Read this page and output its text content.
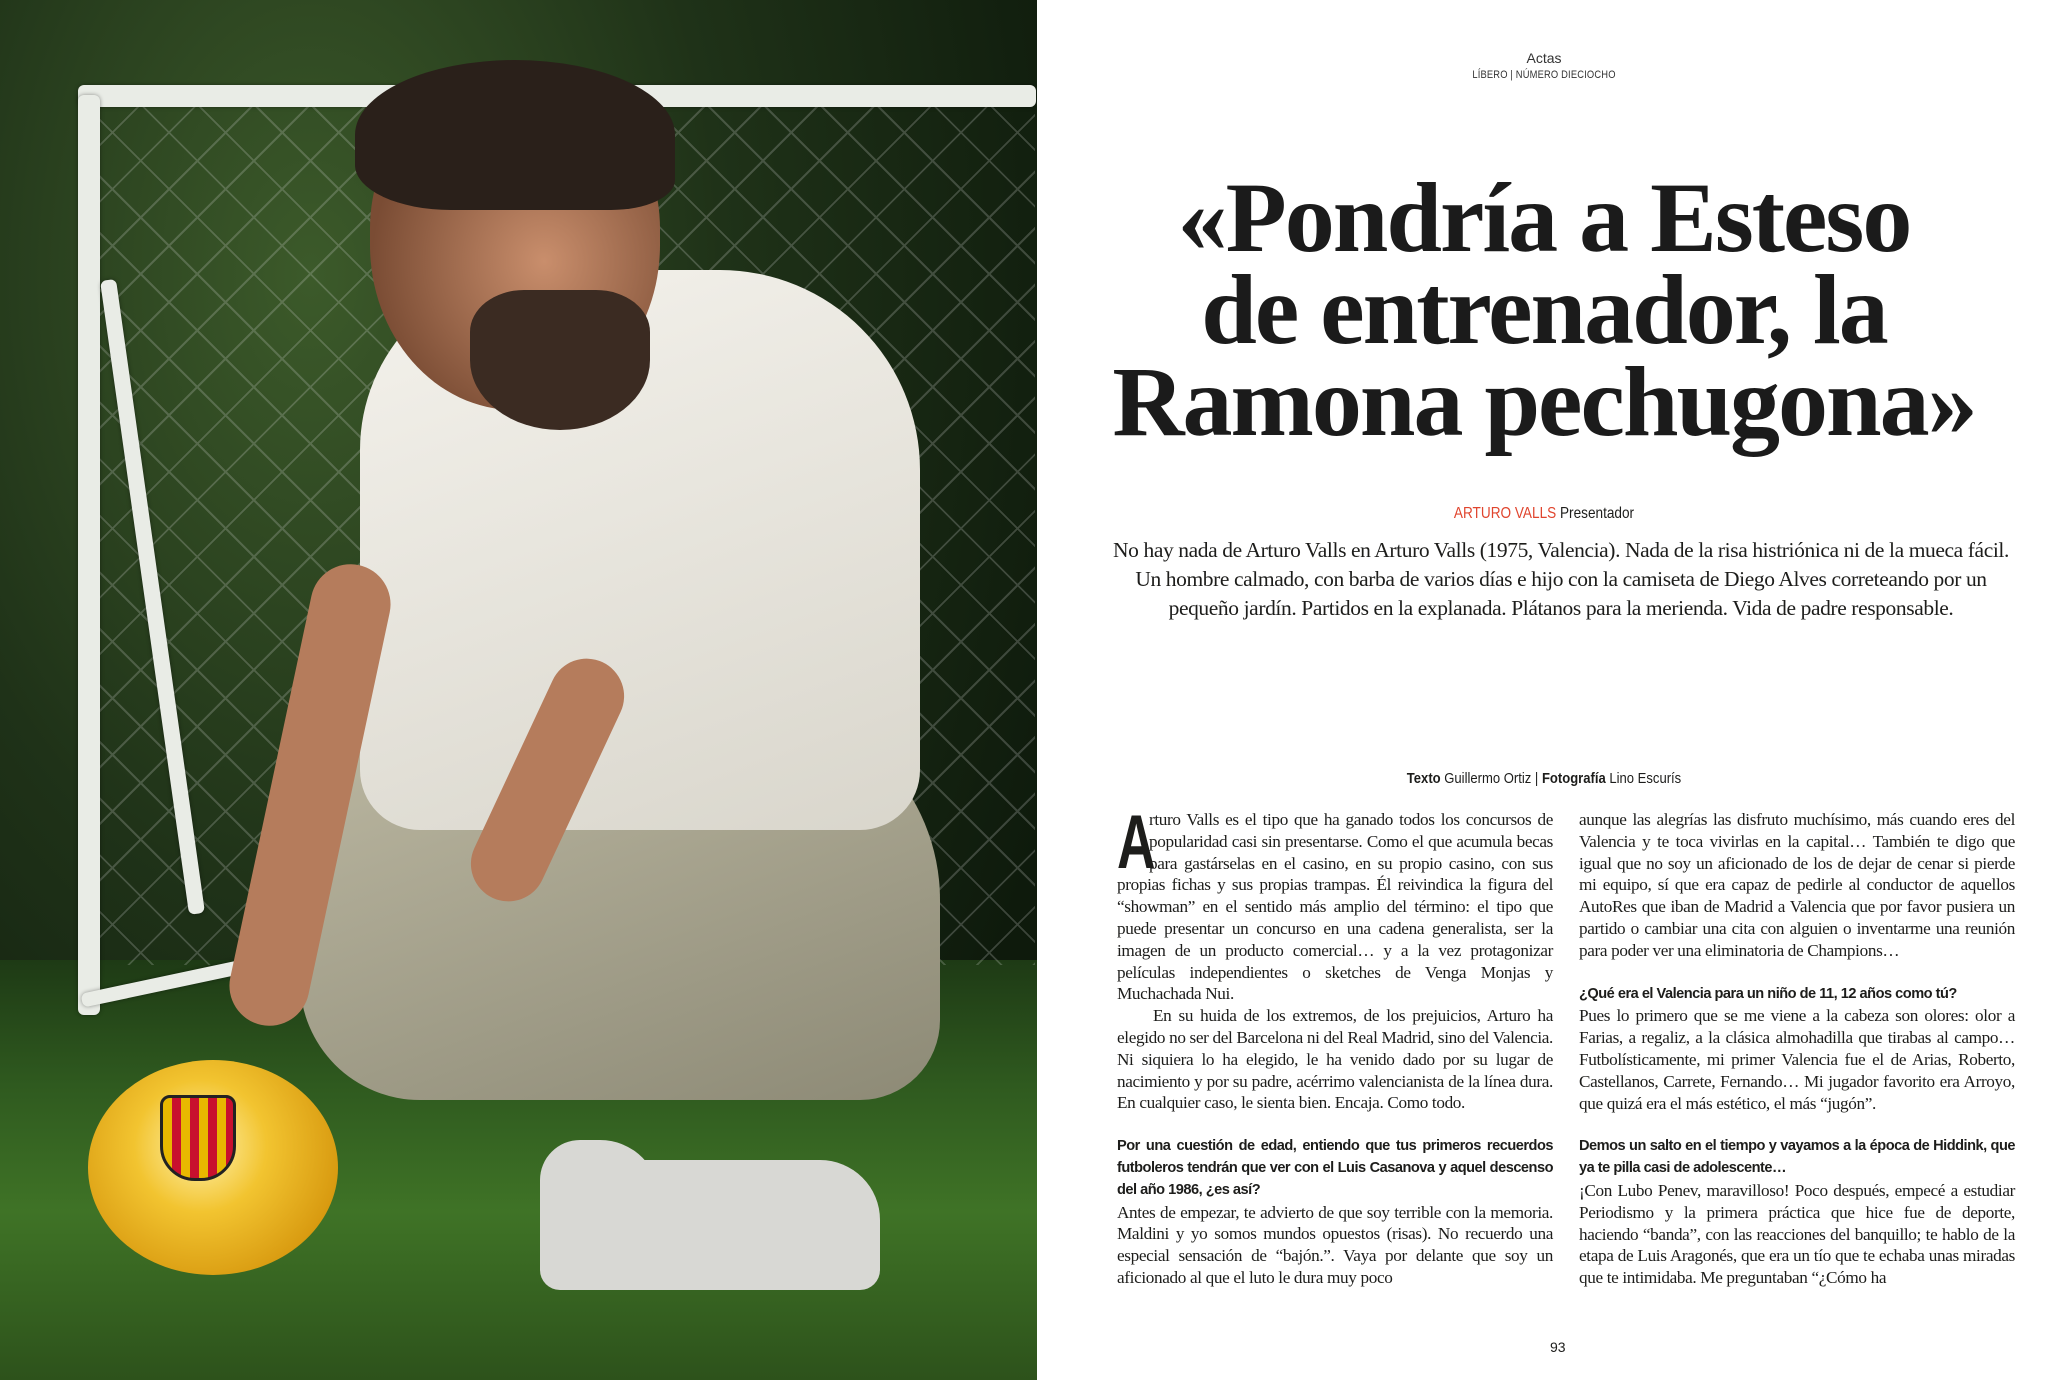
Actas
LÍBERO | NÚMERO DIECIOCHO
«Pondría a Esteso
de entrenador, la
Ramona pechugona»
ARTURO VALLS Presentador
No hay nada de Arturo Valls en Arturo Valls (1975, Valencia). Nada de la risa histriónica ni de la mueca fácil. Un hombre calmado, con barba de varios días e hijo con la camiseta de Diego Alves correteando por un pequeño jardín. Partidos en la explanada. Plátanos para la merienda. Vida de padre responsable.
Texto Guillermo Ortiz | Fotografía Lino Escurís

A
rturo Valls es el tipo que ha ganado todos los concursos de popularidad casi sin presentarse. Como el que acumula becas para gastárselas en el casino, en su propio casino, con sus propias fichas y sus propias trampas. Él reivindica la figura del “showman” en el sentido más amplio del término: el tipo que puede presentar un concurso en una cadena generalista, ser la imagen de un producto comercial… y a la vez protagonizar películas independientes o sketches de Venga Monjas y Muchachada Nui.

En su huida de los extremos, de los prejuicios, Arturo ha elegido no ser del Barcelona ni del Real Madrid, sino del Valencia. Ni siquiera lo ha elegido, le ha venido dado por su lugar de nacimiento y por su padre, acérrimo valencianista de la línea dura. En cualquier caso, le sienta bien. Encaja. Como todo.

Por una cuestión de edad, entiendo que tus primeros recuerdos futboleros tendrán que ver con el Luis Casanova y aquel descenso del año 1986, ¿es así?

Antes de empezar, te advierto de que soy terrible con la memoria. Maldini y yo somos mundos opuestos (risas). No recuerdo una especial sensación de “bajón.”. Vaya por delante que soy un aficionado al que el luto le dura muy poco

aunque las alegrías las disfruto muchísimo, más cuando eres del Valencia y te toca vivirlas en la capital… También te digo que igual que no soy un aficionado de los de dejar de cenar si pierde mi equipo, sí que era capaz de pedirle al conductor de aquellos AutoRes que iban de Madrid a Valencia que por favor pusiera un partido o cambiar una cita con alguien o inventarme una reunión para poder ver una eliminatoria de Champions…

¿Qué era el Valencia para un niño de 11, 12 años como tú?

Pues lo primero que se me viene a la cabeza son olores: olor a Farias, a regaliz, a la clásica almohadilla que tirabas al campo… Futbolísticamente, mi primer Valencia fue el de Arias, Roberto, Castellanos, Carrete, Fernando… Mi jugador favorito era Arroyo, que quizá era el más estético, el más “jugón”.

Demos un salto en el tiempo y vayamos a la época de Hiddink, que ya te pilla casi de adolescente…

¡Con Lubo Penev, maravilloso! Poco después, empecé a estudiar Periodismo y la primera práctica que hice fue de deporte, haciendo “banda”, con las reacciones del banquillo; te hablo de la etapa de Luis Aragonés, que era un tío que te echaba unas miradas que te intimidaba. Me preguntaban “¿Cómo ha

93
